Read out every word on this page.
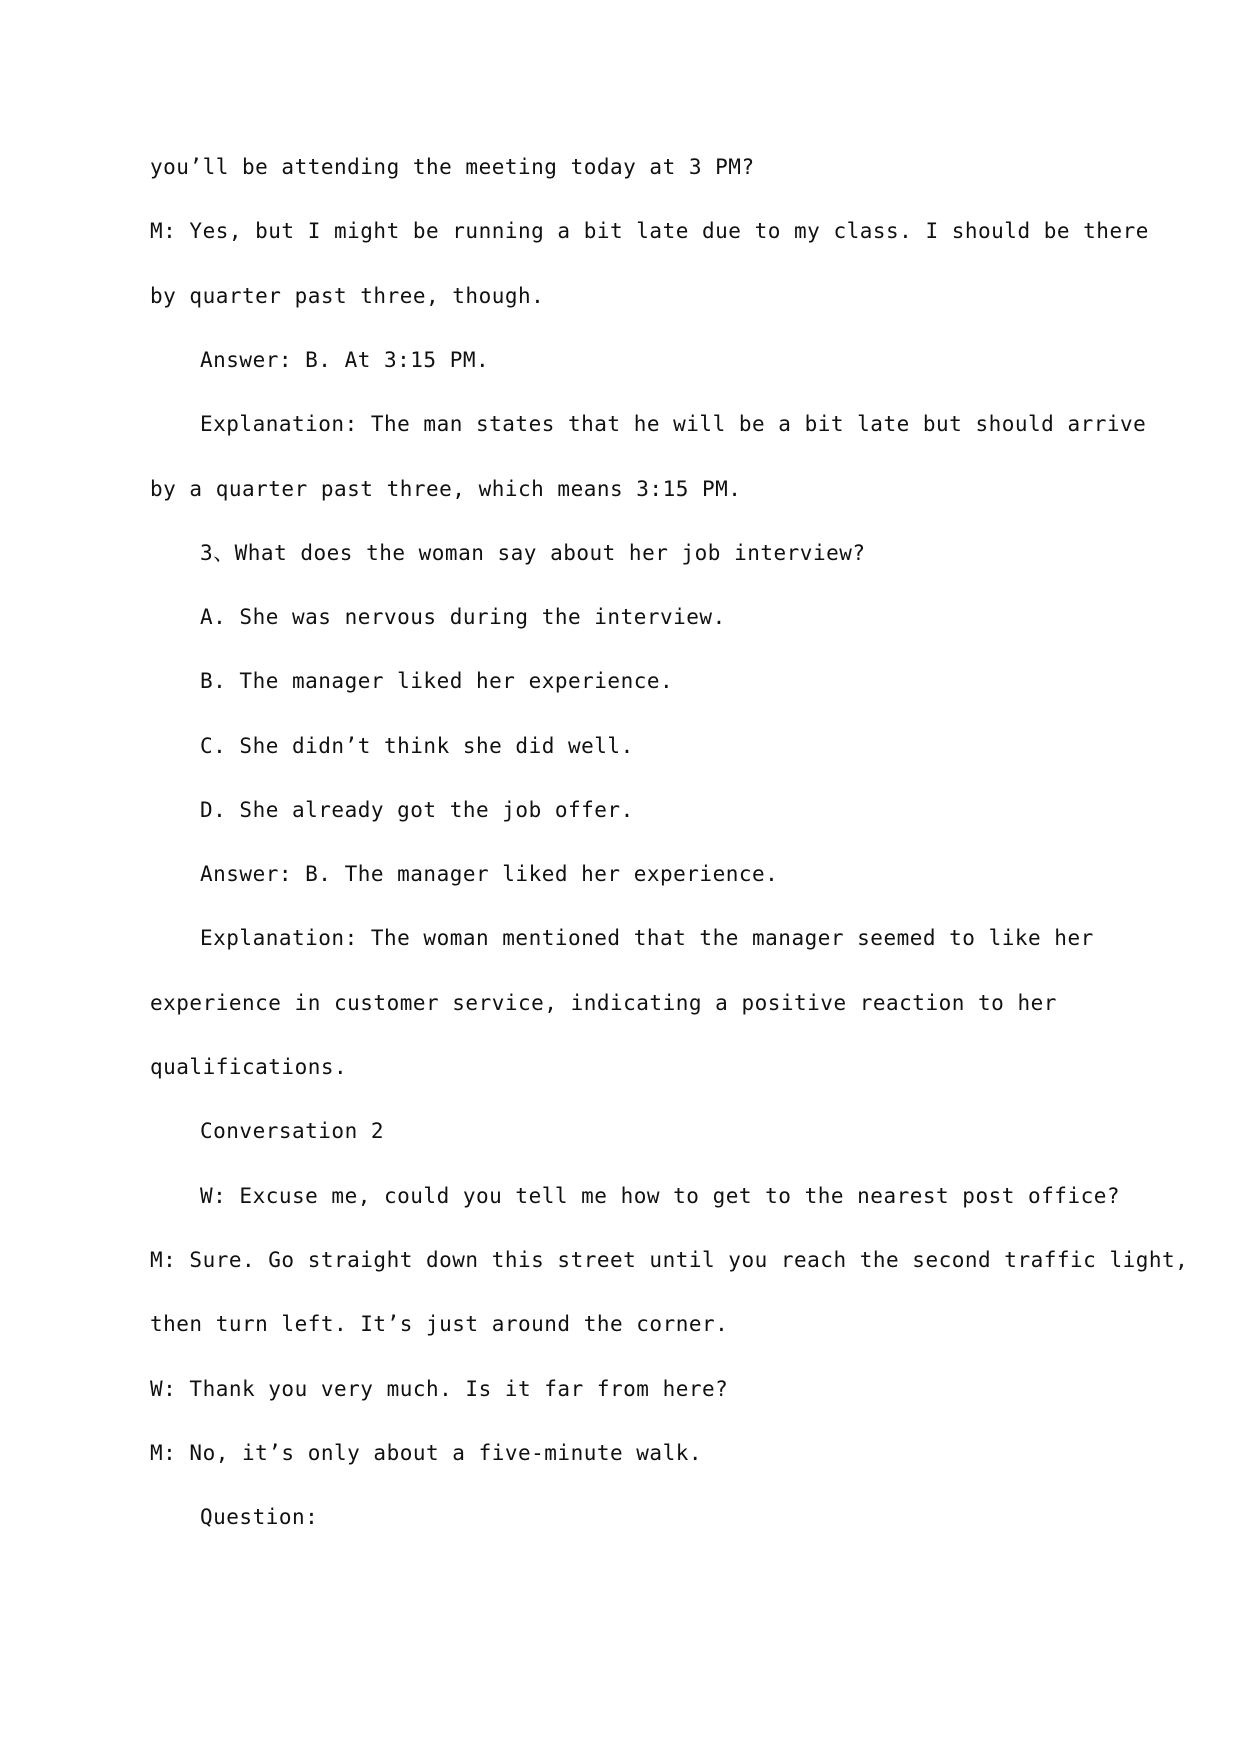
you’ll be attending the meeting today at 3 PM?
M: Yes, but I might be running a bit late due to my class. I should be there
by quarter past three, though.
Answer: B. At 3:15 PM.
Explanation: The man states that he will be a bit late but should arrive
by a quarter past three, which means 3:15 PM.
3、What does the woman say about her job interview?
A. She was nervous during the interview.
B. The manager liked her experience.
C. She didn’t think she did well.
D. She already got the job offer.
Answer: B. The manager liked her experience.
Explanation: The woman mentioned that the manager seemed to like her
experience in customer service, indicating a positive reaction to her
qualifications.
Conversation 2
W: Excuse me, could you tell me how to get to the nearest post office?
M: Sure. Go straight down this street until you reach the second traffic light,
then turn left. It’s just around the corner.
W: Thank you very much. Is it far from here?
M: No, it’s only about a five-minute walk.
Question:
